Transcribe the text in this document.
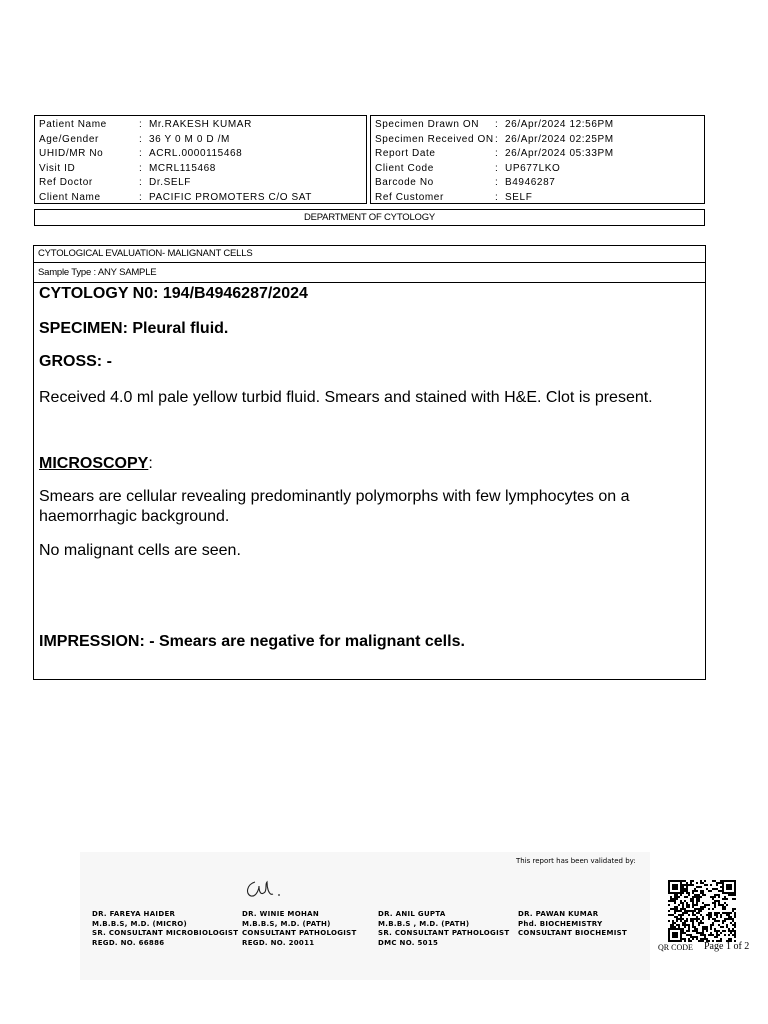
Patient Name	: Mr.RAKESH KUMAR
Age/Gender	: 36 Y 0 M 0 D /M
UHID/MR No	: ACRL.0000115468
Visit ID	: MCRL115468
Ref Doctor	: Dr.SELF
Client Name	: PACIFIC PROMOTERS C/O SAT
Specimen Drawn ON	: 26/Apr/2024 12:56PM
Specimen Received ON : 26/Apr/2024 02:25PM
Report Date	: 26/Apr/2024 05:33PM
Client Code	: UP677LKO
Barcode No	: B4946287
Ref Customer	: SELF
DEPARTMENT OF CYTOLOGY
CYTOLOGICAL EVALUATION- MALIGNANT CELLS
Sample Type : ANY SAMPLE
CYTOLOGY N0: 194/B4946287/2024
SPECIMEN: Pleural fluid.
GROSS: -
Received 4.0 ml pale yellow turbid fluid. Smears and stained with H&E. Clot is present.
MICROSCOPY:
Smears are cellular revealing predominantly polymorphs with few lymphocytes on a haemorrhagic background.
No malignant cells are seen.
IMPRESSION: - Smears are negative for malignant cells.
This report has been validated by:
DR. FAREYA HAIDER
M.B.B.S, M.D. (MICRO)
SR. CONSULTANT MICROBIOLOGIST
REGD. NO. 66886
DR. WINIE MOHAN
M.B.B.S, M.D. (PATH)
CONSULTANT PATHOLOGIST
REGD. NO. 20011
DR. ANIL GUPTA
M.B.B.S , M.D. (PATH)
SR. CONSULTANT PATHOLOGIST
DMC NO. 5015
DR. PAWAN KUMAR
Phd. BIOCHEMISTRY
CONSULTANT BIOCHEMIST
QR CODE Page 1 of 2
